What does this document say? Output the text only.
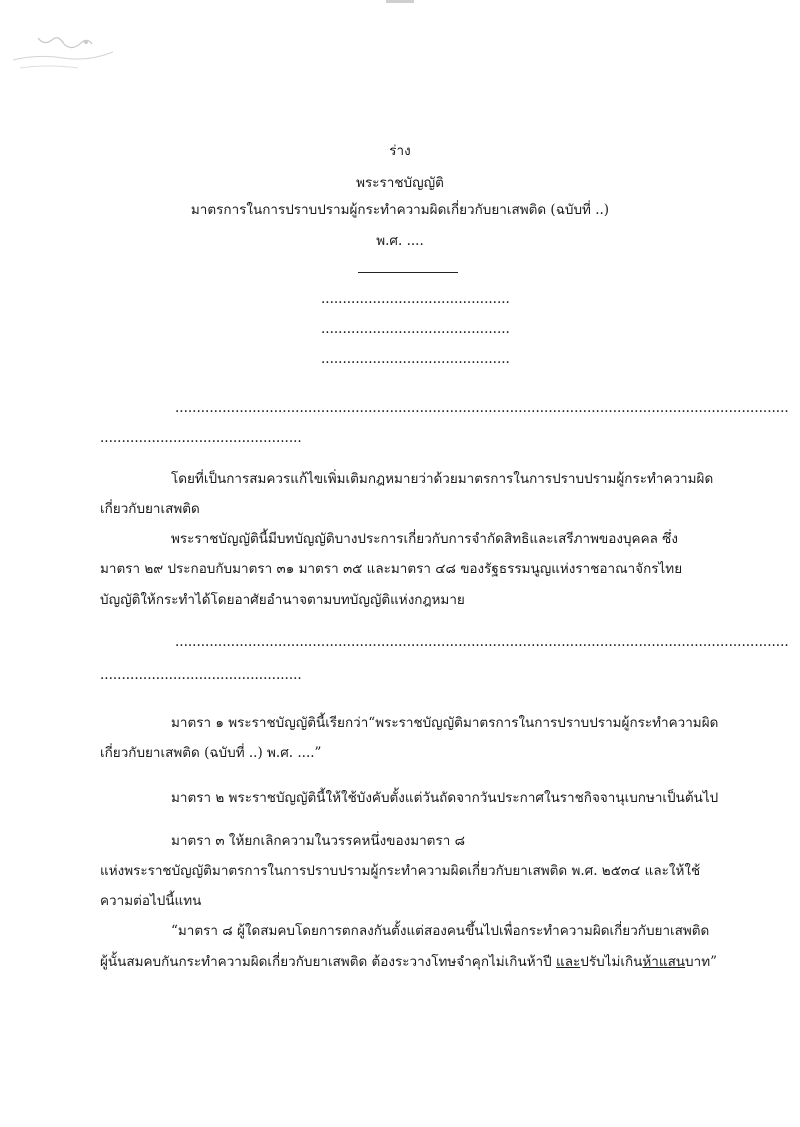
ร่าง
พระราชบัญญัติ
มาตรการในการปราบปรามผู้กระทำความผิดเกี่ยวกับยาเสพติด (ฉบับที่ ..)
พ.ศ. ....
............................................
............................................
............................................
...............................................................................................................................................
...............................................
โดยที่เป็นการสมควรแก้ไขเพิ่มเติมกฎหมายว่าด้วยมาตรการในการปราบปรามผู้กระทำความผิด
เกี่ยวกับยาเสพติด
พระราชบัญญัตินี้มีบทบัญญัติบางประการเกี่ยวกับการจำกัดสิทธิและเสรีภาพของบุคคล ซึ่ง
มาตรา ๒๙ ประกอบกับมาตรา ๓๑ มาตรา ๓๕ และมาตรา ๔๘ ของรัฐธรรมนูญแห่งราชอาณาจักรไทย
บัญญัติให้กระทำได้โดยอาศัยอำนาจตามบทบัญญัติแห่งกฎหมาย
...............................................................................................................................................
...............................................
มาตรา ๑ พระราชบัญญัตินี้เรียกว่า“พระราชบัญญัติมาตรการในการปราบปรามผู้กระทำความผิด
เกี่ยวกับยาเสพติด (ฉบับที่ ..) พ.ศ. ....”
มาตรา ๒ พระราชบัญญัตินี้ให้ใช้บังคับตั้งแต่วันถัดจากวันประกาศในราชกิจจานุเบกษาเป็นต้นไป
มาตรา ๓ ให้ยกเลิกความในวรรคหนึ่งของมาตรา ๘
แห่งพระราชบัญญัติมาตรการในการปราบปรามผู้กระทำความผิดเกี่ยวกับยาเสพติด พ.ศ. ๒๕๓๔ และให้ใช้
ความต่อไปนี้แทน
“มาตรา ๘ ผู้ใดสมคบโดยการตกลงกันตั้งแต่สองคนขึ้นไปเพื่อกระทำความผิดเกี่ยวกับยาเสพติด
ผู้นั้นสมคบกันกระทำความผิดเกี่ยวกับยาเสพติด ต้องระวางโทษจำคุกไม่เกินห้าปี และปรับไม่เกินห้าแสนบาท”
